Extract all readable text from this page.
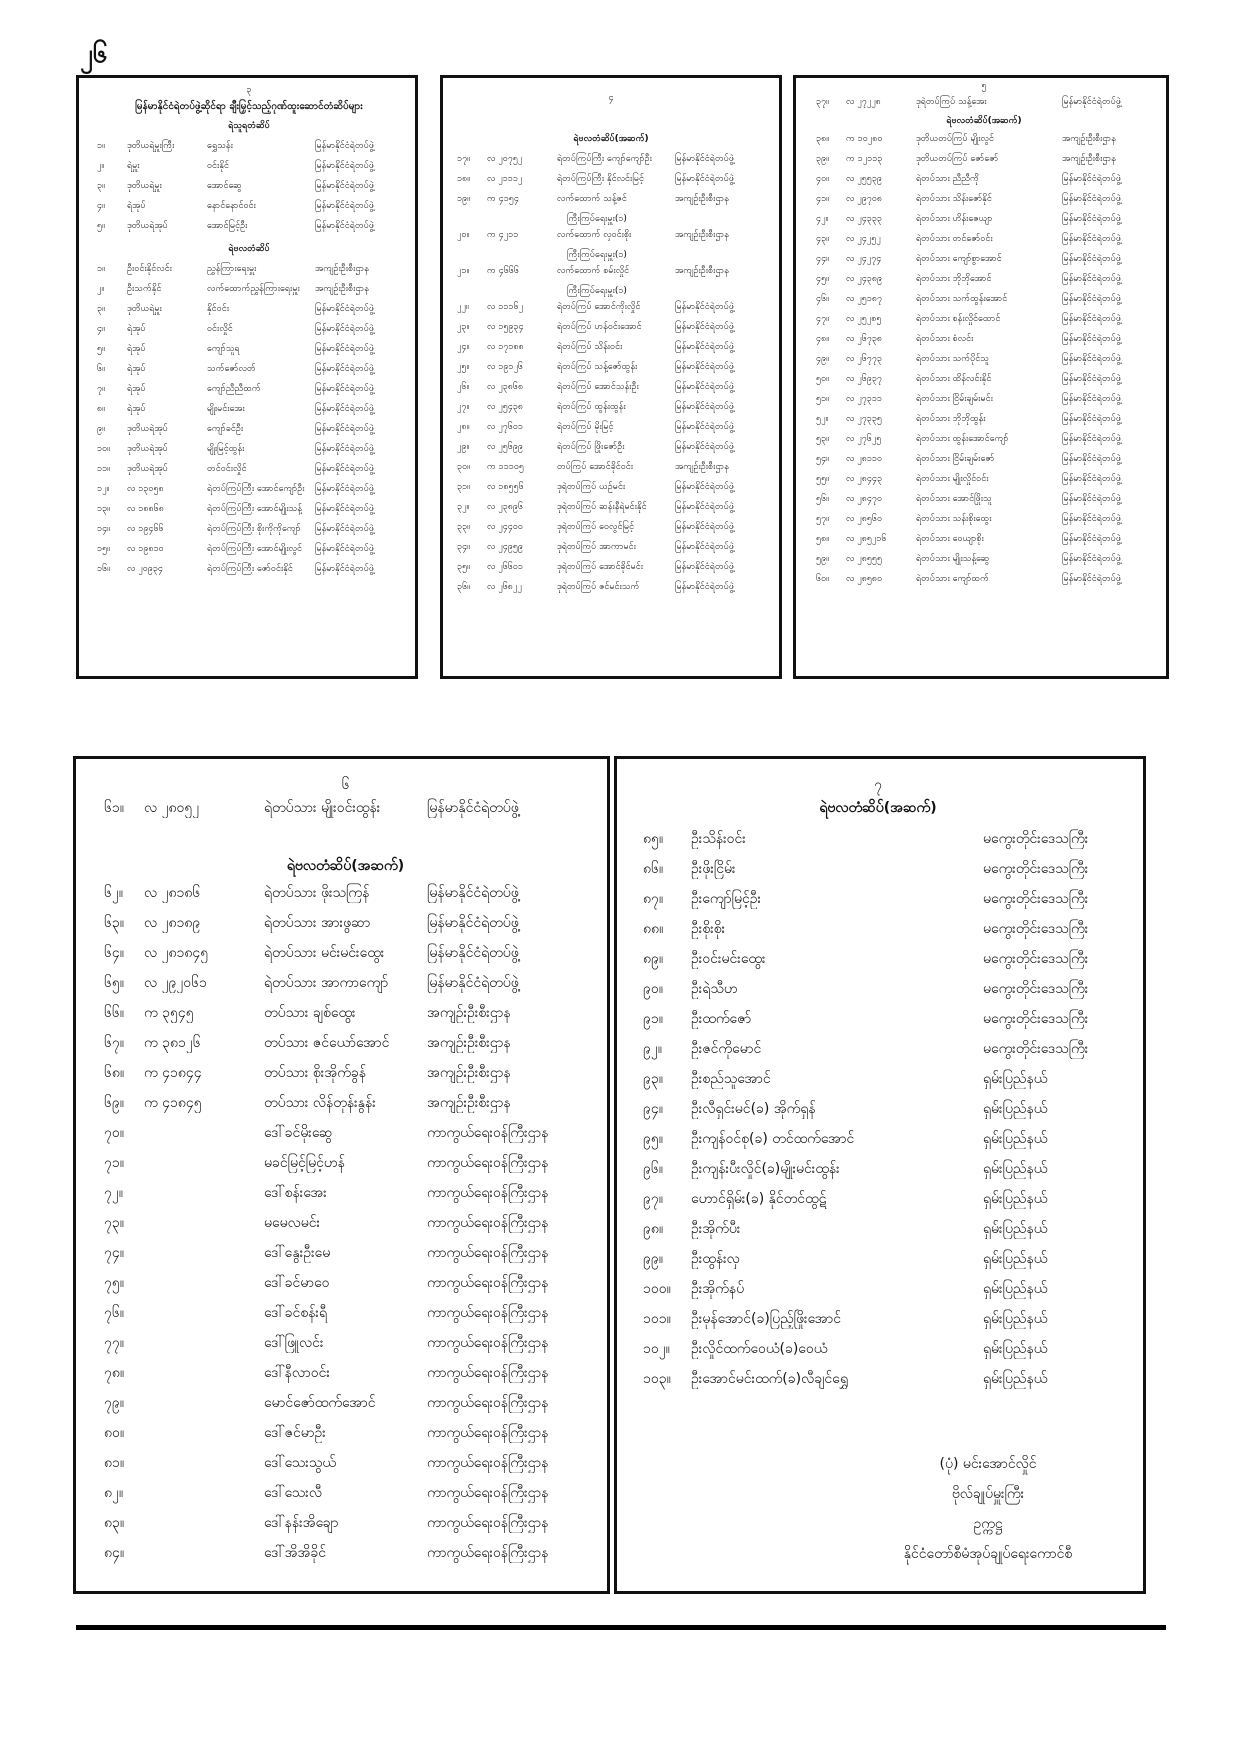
၂၆
၃
မြန်မာနိုင်ငံရဲတပ်ဖွဲ့ဆိုင်ရာ ချီးမြှင့်သည့်ဂုဏ်ထူးဆောင်တံဆိပ်များ
ရဲသူရတံဆိပ်
၁။	ဒုတိယရဲမှူးကြီး	ရွှေသန်း	မြန်မာနိုင်ငံရဲတပ်ဖွဲ့
၂။	ရဲမှူး	ဝင်းနိုင်	မြန်မာနိုင်ငံရဲတပ်ဖွဲ့
၃။	ဒုတိယရဲမှူး	အောင်ဆွေ	မြန်မာနိုင်ငံရဲတပ်ဖွဲ့
၄။	ရဲအုပ်	နောင်နောင်ဝင်း	မြန်မာနိုင်ငံရဲတပ်ဖွဲ့
၅။	ဒုတိယရဲအုပ်	အောင်မြင့်ဦး	မြန်မာနိုင်ငံရဲတပ်ဖွဲ့
ရဲဗလတံဆိပ်
၁။	ဦးဝင်းနိုင်လင်း	ညွှန်ကြားရေးမှူး	အကျဉ်းဦးစီးဌာန
၂။	ဦးသက်နိုင်	လက်ထောက်ညွှန်ကြားရေးမှူး	အကျဉ်းဦးစီးဌာန
၃။	ဒုတိယရဲမှူး	နိုင်ဝင်း	မြန်မာနိုင်ငံရဲတပ်ဖွဲ့
၄။	ရဲအုပ်	ဝင်းလှိုင်	မြန်မာနိုင်ငံရဲတပ်ဖွဲ့
၅။	ရဲအုပ်	ကျော်သူရ	မြန်မာနိုင်ငံရဲတပ်ဖွဲ့
၆။	ရဲအုပ်	သက်ဇော်လတ်	မြန်မာနိုင်ငံရဲတပ်ဖွဲ့
၇။	ရဲအုပ်	ကျော်ညီညီထက်	မြန်မာနိုင်ငံရဲတပ်ဖွဲ့
၈။	ရဲအုပ်	မျိုးမင်းအေး	မြန်မာနိုင်ငံရဲတပ်ဖွဲ့
၉။	ဒုတိယရဲအုပ်	ကျော်ခင်ဦး	မြန်မာနိုင်ငံရဲတပ်ဖွဲ့
၁၀။	ဒုတိယရဲအုပ်	မျိုးမြင့်ထွန်း	မြန်မာနိုင်ငံရဲတပ်ဖွဲ့
၁၁။	ဒုတိယရဲအုပ်	တင်ဝင်းလှိုင်	မြန်မာနိုင်ငံရဲတပ်ဖွဲ့
၁၂။	လ ၁၃၀၅၈	ရဲတပ်ကြပ်ကြီး အောင်ကျော်ဦး	မြန်မာနိုင်ငံရဲတပ်ဖွဲ့
၁၃။	လ ၁၈၈၆၈	ရဲတပ်ကြပ်ကြီး အောင်မျိုးသန့်	မြန်မာနိုင်ငံရဲတပ်ဖွဲ့
၁၄။	လ ၁၉၄၆၆	ရဲတပ်ကြပ်ကြီး စိုးကိုကိုကျော်	မြန်မာနိုင်ငံရဲတပ်ဖွဲ့
၁၅။	လ ၁၉၈၁၀	ရဲတပ်ကြပ်ကြီး အောင်မျိုးလွင်	မြန်မာနိုင်ငံရဲတပ်ဖွဲ့
၁၆။	လ ၂၀၉၃၄	ရဲတပ်ကြပ်ကြီး ဇော်ဝင်းနိုင်	မြန်မာနိုင်ငံရဲတပ်ဖွဲ့
၄
ရဲဗလတံဆိပ်(အဆက်)
၁၇။	လ ၂၀၇၅၂	ရဲတပ်ကြပ်ကြီး ကျော်ကျော်ဦး	မြန်မာနိုင်ငံရဲတပ်ဖွဲ့
၁၈။	လ ၂၁၁၁၂	ရဲတပ်ကြပ်ကြီး နိုင်လင်းမြင့်	မြန်မာနိုင်ငံရဲတပ်ဖွဲ့
၁၉။	က ၄၁၅၄	လက်ထောက် သန့်ဇင်	အကျဉ်းဦးစီးဌာန
ကြီးကြပ်ရေးမှူး(၁)
၂၀။	က ၄၂၁၁	လက်ထောက် လှဝင်းစိုး	အကျဉ်းဦးစီးဌာန
ကြီးကြပ်ရေးမှူး(၁)
၂၁။	က ၄၆၆၆	လက်ထောက် စမ်းလှိုင်	အကျဉ်းဦးစီးဌာန
ကြီးကြပ်ရေးမှူး(၁)
၂၂။	လ ၁၁၁၆၂	ရဲတပ်ကြပ် အောင်ကိုးလှိုင်	မြန်မာနိုင်ငံရဲတပ်ဖွဲ့
၂၃။	လ ၁၅၉၃၄	ရဲတပ်ကြပ် ဟန်ဝင်းအောင်	မြန်မာနိုင်ငံရဲတပ်ဖွဲ့
၂၄။	လ ၁၇၁၈၈	ရဲတပ်ကြပ် သိန်းဝင်း	မြန်မာနိုင်ငံရဲတပ်ဖွဲ့
၂၅။	လ ၁၉၁၂၆	ရဲတပ်ကြပ် သန့်ဇော်ထွန်း	မြန်မာနိုင်ငံရဲတပ်ဖွဲ့
၂၆။	လ ၂၃၈၆၈	ရဲတပ်ကြပ် အောင်သန်းဦး	မြန်မာနိုင်ငံရဲတပ်ဖွဲ့
၂၇။	လ ၂၅၄၃၈	ရဲတပ်ကြပ် ထွန်းထွန်း	မြန်မာနိုင်ငံရဲတပ်ဖွဲ့
၂၈။	လ ၂၇၆၀၁	ရဲတပ်ကြပ် မိုးမြင့်	မြန်မာနိုင်ငံရဲတပ်ဖွဲ့
၂၉။	လ ၂၅၆၉၉	ရဲတပ်ကြပ် ဖြိုးဇော်ဦး	မြန်မာနိုင်ငံရဲတပ်ဖွဲ့
၃၀။	က ၁၁၁၀၅	တပ်ကြပ် အောင်ခိုင်ဝင်း	အကျဉ်းဦးစီးဌာန
၃၁။	လ ၁၈၅၅၆	ဒုရဲတပ်ကြပ် ယဉ်မင်း	မြန်မာနိုင်ငံရဲတပ်ဖွဲ့
၃၂။	လ ၂၃၈၉၆	ဒုရဲတပ်ကြပ် ဆန်းနီရဲမင်းနိုင်	မြန်မာနိုင်ငံရဲတပ်ဖွဲ့
၃၃။	လ ၂၄၄၀၀	ဒုရဲတပ်ကြပ် ဝေလွင်မြင့်	မြန်မာနိုင်ငံရဲတပ်ဖွဲ့
၃၄။	လ ၂၄၉၅၉	ဒုရဲတပ်ကြပ် အာကာမင်း	မြန်မာနိုင်ငံရဲတပ်ဖွဲ့
၃၅။	လ ၂၆၆၀၁	ဒုရဲတပ်ကြပ် အောင်ခိုင်မင်း	မြန်မာနိုင်ငံရဲတပ်ဖွဲ့
၃၆။	လ ၂၆၈၂၂	ဒုရဲတပ်ကြပ် ဇင်မင်းသက်	မြန်မာနိုင်ငံရဲတပ်ဖွဲ့
၅
၃၇။	လ ၂၇၂၂၈	ဒုရဲတပ်ကြပ် သန့်အေး	မြန်မာနိုင်ငံရဲတပ်ဖွဲ့
ရဲဗလတံဆိပ်(အဆက်)
၃၈။	က ၁၀၂၈၀	ဒုတိယတပ်ကြပ် မျိုးလွင်	အကျဉ်းဦးစီးဌာန
၃၉။	က ၁၂၁၁၃	ဒုတိယတပ်ကြပ် ဇော်ဇော်	အကျဉ်းဦးစီးဌာန
၄၀။	လ ၂၅၅၃၉	ရဲတပ်သား ညီညီကို	မြန်မာနိုင်ငံရဲတပ်ဖွဲ့
၄၁။	လ ၂၉၇၀၈	ရဲတပ်သား သိန်းဇော်နိုင်	မြန်မာနိုင်ငံရဲတပ်ဖွဲ့
၄၂။	လ ၂၄၃၃၃	ရဲတပ်သား ဟိန်းဇေယျာ	မြန်မာနိုင်ငံရဲတပ်ဖွဲ့
၄၃။	လ ၂၄၂၅၂	ရဲတပ်သား တင်ဇော်ဝင်း	မြန်မာနိုင်ငံရဲတပ်ဖွဲ့
၄၄။	လ ၂၄၂၇၄	ရဲတပ်သား ကျော်စွာအောင်	မြန်မာနိုင်ငံရဲတပ်ဖွဲ့
၄၅။	လ ၂၄၃၈၉	ရဲတပ်သား ဘိုဘိုအောင်	မြန်မာနိုင်ငံရဲတပ်ဖွဲ့
၄၆။	လ ၂၅၁၈၇	ရဲတပ်သား သက်ထွန်းအောင်	မြန်မာနိုင်ငံရဲတပ်ဖွဲ့
၄၇။	လ ၂၅၂၈၅	ရဲတပ်သား စန်းလှိုင်ထောင်	မြန်မာနိုင်ငံရဲတပ်ဖွဲ့
၄၈။	လ ၂၆၇၃၈	ရဲတပ်သား စံလင်း	မြန်မာနိုင်ငံရဲတပ်ဖွဲ့
၄၉။	လ ၂၆၇၇၃	ရဲတပ်သား သက်ပိုင်သူ	မြန်မာနိုင်ငံရဲတပ်ဖွဲ့
၅၀။	လ ၂၆၉၃၇	ရဲတပ်သား ထိန်လင်းနိုင်	မြန်မာနိုင်ငံရဲတပ်ဖွဲ့
၅၁။	လ ၂၇၃၁၁	ရဲတပ်သား ငြိမ်းချမ်းမင်း	မြန်မာနိုင်ငံရဲတပ်ဖွဲ့
၅၂။	လ ၂၇၃၃၅	ရဲတပ်သား ဘိုဘိုထွန်း	မြန်မာနိုင်ငံရဲတပ်ဖွဲ့
၅၃။	လ ၂၇၆၂၅	ရဲတပ်သား ထွန်းအောင်ကျော်	မြန်မာနိုင်ငံရဲတပ်ဖွဲ့
၅၄။	လ ၂၈၁၁၀	ရဲတပ်သား ငြိမ်းချမ်းဇော်	မြန်မာနိုင်ငံရဲတပ်ဖွဲ့
၅၅။	လ ၂၈၄၄၃	ရဲတပ်သား မျိုးလှိုင်ဝင်း	မြန်မာနိုင်ငံရဲတပ်ဖွဲ့
၅၆။	လ ၂၈၄၇၀	ရဲတပ်သား အောင်ဖြိုးသူ	မြန်မာနိုင်ငံရဲတပ်ဖွဲ့
၅၇။	လ ၂၈၅၆၀	ရဲတပ်သား သန်းစိုးထွေး	မြန်မာနိုင်ငံရဲတပ်ဖွဲ့
၅၈။	လ ၂၈၅၂၁၆	ရဲတပ်သား ဝေယျာစိုး	မြန်မာနိုင်ငံရဲတပ်ဖွဲ့
၅၉။	လ ၂၈၅၅၅	ရဲတပ်သား မျိုးသန့်ဆွေ	မြန်မာနိုင်ငံရဲတပ်ဖွဲ့
၆၀။	လ ၂၈၅၈၀	ရဲတပ်သား ကျော်ထက်	မြန်မာနိုင်ငံရဲတပ်ဖွဲ့
၆
၆၁။	လ ၂၈၀၅၂	ရဲတပ်သား မျိုးဝင်းထွန်း	မြန်မာနိုင်ငံရဲတပ်ဖွဲ့
ရဲဗလတံဆိပ်(အဆက်)
၆၂။	လ ၂၈၁၈၆	ရဲတပ်သား ဖိုးသကြန်	မြန်မာနိုင်ငံရဲတပ်ဖွဲ့
၆၃။	လ ၂၈၁၈၉	ရဲတပ်သား အားဖွဆာ	မြန်မာနိုင်ငံရဲတပ်ဖွဲ့
၆၄။	လ ၂၈၁၈၄၅	ရဲတပ်သား မင်းမင်းထွေး	မြန်မာနိုင်ငံရဲတပ်ဖွဲ့
၆၅။	လ ၂၉၂၀၆၁	ရဲတပ်သား အာကာကျော်	မြန်မာနိုင်ငံရဲတပ်ဖွဲ့
၆၆။	က ၃၅၄၅	တပ်သား ချစ်ထွေး	အကျဉ်းဦးစီးဌာန
၆၇။	က ၃၈၁၂၆	တပ်သား ဇင်ယော်အောင်	အကျဉ်းဦးစီးဌာန
၆၈။	က ၄၁၈၄၄	တပ်သား စိုးအိုက်ခွန်	အကျဉ်းဦးစီးဌာန
၆၉။	က ၄၁၈၄၅	တပ်သား လိန်တုန်းနွန်း	အကျဉ်းဦးစီးဌာန
၇၀။	ဒေါ်ခင်မိုးဆွေ	ကာကွယ်ရေးဝန်ကြီးဌာန
၇၁။	မခင်မြင့်မြင့်ဟန်	ကာကွယ်ရေးဝန်ကြီးဌာန
၇၂။	ဒေါ်စန်းအေး	ကာကွယ်ရေးဝန်ကြီးဌာန
၇၃။	မမေလမင်း	ကာကွယ်ရေးဝန်ကြီးဌာန
၇၄။	ဒေါ်နွေးဦးမေ	ကာကွယ်ရေးဝန်ကြီးဌာန
၇၅။	ဒေါ်ခင်မာဝေ	ကာကွယ်ရေးဝန်ကြီးဌာန
၇၆။	ဒေါ်ခင်စန်းရီ	ကာကွယ်ရေးဝန်ကြီးဌာန
၇၇။	ဒေါ်ဖြူလင်း	ကာကွယ်ရေးဝန်ကြီးဌာန
၇၈။	ဒေါ်နီလာဝင်း	ကာကွယ်ရေးဝန်ကြီးဌာန
၇၉။	မောင်ဇော်ထက်အောင်	ကာကွယ်ရေးဝန်ကြီးဌာန
၈၀။	ဒေါ်ဇင်မာဦး	ကာကွယ်ရေးဝန်ကြီးဌာန
၈၁။	ဒေါ်သေးသွယ်	ကာကွယ်ရေးဝန်ကြီးဌာန
၈၂။	ဒေါ်သေးလီ	ကာကွယ်ရေးဝန်ကြီးဌာန
၈၃။	ဒေါ်နန်းအိချော	ကာကွယ်ရေးဝန်ကြီးဌာန
၈၄။	ဒေါ်အိအိခိုင်	ကာကွယ်ရေးဝန်ကြီးဌာန
၇
ရဲဗလတံဆိပ်(အဆက်)
၈၅။	ဦးသိန်းဝင်း	မကွေးတိုင်းဒေသကြီး
၈၆။	ဦးဖိုးငြိမ်း	မကွေးတိုင်းဒေသကြီး
၈၇။	ဦးကျော်မြင့်ဦး	မကွေးတိုင်းဒေသကြီး
၈၈။	ဦးစိုးစိုး	မကွေးတိုင်းဒေသကြီး
၈၉။	ဦးဝင်းမင်းထွေး	မကွေးတိုင်းဒေသကြီး
၉၀။	ဦးရဲသီဟ	မကွေးတိုင်းဒေသကြီး
၉၁။	ဦးထက်ဇော်	မကွေးတိုင်းဒေသကြီး
၉၂။	ဦးဇင်ကိုမောင်	မကွေးတိုင်းဒေသကြီး
၉၃။	ဦးစည်သူအောင်	ရှမ်းပြည်နယ်
၉၄။	ဦးလီရှင်းမင်(ခ) အိုက်ရှန်	ရှမ်းပြည်နယ်
၉၅။	ဦးကျန်ဝင်စု(ခ) တင်ထက်အောင်	ရှမ်းပြည်နယ်
၉၆။	ဦးကျန်းပီးလှိုင်(ခ)မျိုးမင်းထွန်း	ရှမ်းပြည်နယ်
၉၇။	ဟောင်ရှိမ်း(ခ) နိုင်တင်ထွဋ်	ရှမ်းပြည်နယ်
၉၈။	ဦးအိုက်ပီး	ရှမ်းပြည်နယ်
၉၉။	ဦးထွန်းလှ	ရှမ်းပြည်နယ်
၁၀၀။	ဦးအိုက်နပ်	ရှမ်းပြည်နယ်
၁၀၁။	ဦးမုန်အောင်(ခ)ပြည့်ဖြိုးအောင်	ရှမ်းပြည်နယ်
၁၀၂။	ဦးလှိုင်ထက်ဝေယံ(ခ)ဝေယံ	ရှမ်းပြည်နယ်
၁၀၃။	ဦးအောင်မင်းထက်(ခ)လီချင်ရွှေ	ရှမ်းပြည်နယ်
(ပုံ) မင်းအောင်လှိုင်
ဗိုလ်ချုပ်မှူးကြီး
ဥက္ကဋ္ဌ
နိုင်ငံတော်စီမံအုပ်ချုပ်ရေးကောင်စီ
